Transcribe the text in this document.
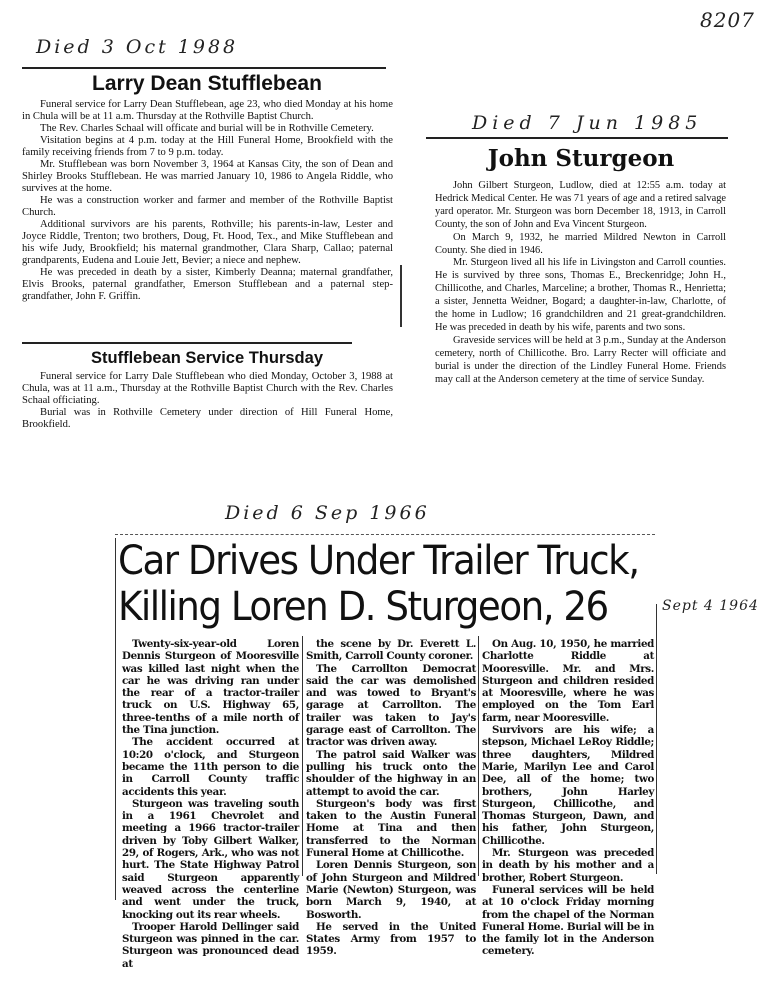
8207
Died 3 Oct 1988
Larry Dean Stufflebean

Funeral service for Larry Dean Stufflebean, age 23, who died Monday at his home in Chula will be at 11 a.m. Thursday at the Rothville Baptist Church.

The Rev. Charles Schaal will officate and burial will be in Rothville Cemetery.

Visitation begins at 4 p.m. today at the Hill Funeral Home, Brookfield with the family receiving friends from 7 to 9 p.m. today.

Mr. Stufflebean was born November 3, 1964 at Kansas City, the son of Dean and Shirley Brooks Stufflebean. He was married January 10, 1986 to Angela Riddle, who survives at the home.

He was a construction worker and farmer and member of the Rothville Baptist Church.

Additional survivors are his parents, Rothville; his parents-in-law, Lester and Joyce Riddle, Trenton; two brothers, Doug, Ft. Hood, Tex., and Mike Stufflebean and his wife Judy, Brookfield; his maternal grandmother, Clara Sharp, Callao; paternal grandparents, Eudena and Louie Jett, Bevier; a niece and nephew.

He was preceded in death by a sister, Kimberly Deanna; maternal grandfather, Elvis Brooks, paternal grandfather, Emerson Stufflebean and a paternal step-grandfather, John F. Griffin.

Stufflebean Service Thursday

Funeral service for Larry Dale Stufflebean who died Monday, October 3, 1988 at Chula, was at 11 a.m., Thursday at the Rothville Baptist Church with the Rev. Charles Schaal officiating.

Burial was in Rothville Cemetery under direction of Hill Funeral Home, Brookfield.

Died 7 Jun 1985
John Sturgeon

John Gilbert Sturgeon, Ludlow, died at 12:55 a.m. today at Hedrick Medical Center. He was 71 years of age and a retired salvage yard operator. Mr. Sturgeon was born December 18, 1913, in Carroll County, the son of John and Eva Vincent Sturgeon.

On March 9, 1932, he married Mildred Newton in Carroll County. She died in 1946.

Mr. Sturgeon lived all his life in Livingston and Carroll counties. He is survived by three sons, Thomas E., Breckenridge; John H., Chillicothe, and Charles, Marceline; a brother, Thomas R., Henrietta; a sister, Jennetta Weidner, Bogard; a daughter-in-law, Charlotte, of the home in Ludlow; 16 grandchildren and 21 great-grandchildren. He was preceded in death by his wife, parents and two sons.

Graveside services will be held at 3 p.m., Sunday at the Anderson cemetery, north of Chillicothe. Bro. Larry Recter will officiate and burial is under the direction of the Lindley Funeral Home. Friends may call at the Anderson cemetery at the time of service Sunday.

Died 6 Sep 1966
Car Drives Under Trailer Truck,
Killing Loren D. Sturgeon, 26	Sept 4 1964

Twenty-six-year-old Loren Dennis Sturgeon of Mooresville was killed last night when the car he was driving ran under the rear of a tractor-trailer truck on U.S. Highway 65, three-tenths of a mile north of the Tina junction.

The accident occurred at 10:20 o'clock, and Sturgeon became the 11th person to die in Carroll County traffic accidents this year.

Sturgeon was traveling south in a 1961 Chevrolet and meeting a 1966 tractor-trailer driven by Toby Gilbert Walker, 29, of Rogers, Ark., who was not hurt. The State Highway Patrol said Sturgeon apparently weaved across the centerline and went under the truck, knocking out its rear wheels.

Trooper Harold Dellinger said Sturgeon was pinned in the car. Sturgeon was pronounced dead at

the scene by Dr. Everett L. Smith, Carroll County coroner.

The Carrollton Democrat said the car was demolished and was towed to Bryant's garage at Carrollton. The trailer was taken to Jay's garage east of Carrollton. The tractor was driven away.

The patrol said Walker was pulling his truck onto the shoulder of the highway in an attempt to avoid the car.

Sturgeon's body was first taken to the Austin Funeral Home at Tina and then transferred to the Norman Funeral Home at Chillicothe.

Loren Dennis Sturgeon, son of John Sturgeon and Mildred Marie (Newton) Sturgeon, was born March 9, 1940, at Bosworth.

He served in the United States Army from 1957 to 1959.

On Aug. 10, 1950, he married Charlotte Riddle at Mooresville. Mr. and Mrs. Sturgeon and children resided at Mooresville, where he was employed on the Tom Earl farm, near Mooresville.

Survivors are his wife; a stepson, Michael LeRoy Riddle; three daughters, Mildred Marie, Marilyn Lee and Carol Dee, all of the home; two brothers, John Harley Sturgeon, Chillicothe, and Thomas Sturgeon, Dawn, and his father, John Sturgeon, Chillicothe.

Mr. Sturgeon was preceded in death by his mother and a brother, Robert Sturgeon.

Funeral services will be held at 10 o'clock Friday morning from the chapel of the Norman Funeral Home. Burial will be in the family lot in the Anderson cemetery.
